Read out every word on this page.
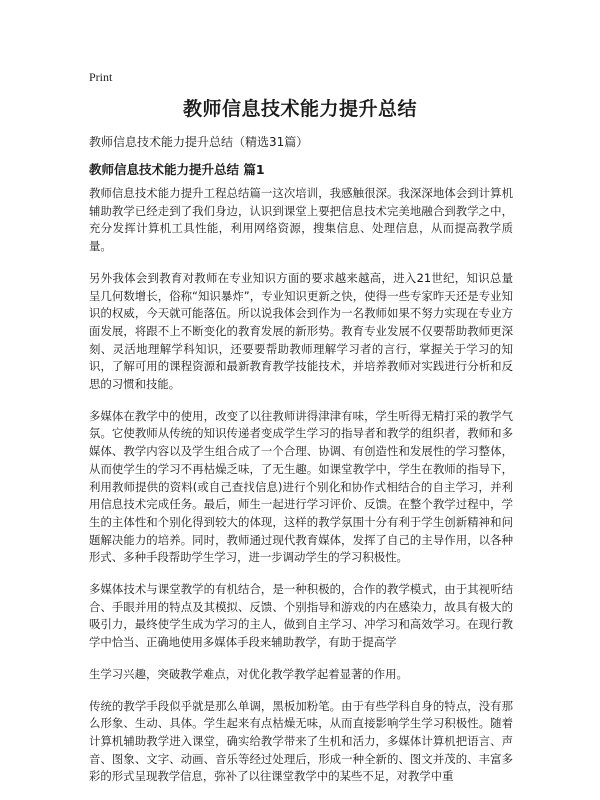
Print
教师信息技术能力提升总结

教师信息技术能力提升总结（精选31篇）

教师信息技术能力提升总结 篇1

教师信息技术能力提升工程总结篇一这次培训，我感触很深。我深深地体会到计算机辅助教学已经走到了我们身边，认识到课堂上要把信息技术完美地融合到教学之中，充分发挥计算机工具性能，利用网络资源，搜集信息、处理信息，从而提高教学质量。

另外我体会到教育对教师在专业知识方面的要求越来越高，进入21世纪，知识总量呈几何数增长，俗称“知识暴炸”，专业知识更新之快，使得一些专家昨天还是专业知识的权威，今天就可能落伍。所以说我体会到作为一名教师如果不努力实现在专业方面发展，将跟不上不断变化的教育发展的新形势。教育专业发展不仅要帮助教师更深刻、灵活地理解学科知识，还要要帮助教师理解学习者的言行，掌握关于学习的知识，了解可用的课程资源和最新教育教学技能技术，并培养教师对实践进行分析和反思的习惯和技能。

多媒体在教学中的使用，改变了以往教师讲得津津有味，学生听得无精打采的教学气氛。它使教师从传统的知识传递者变成学生学习的指导者和教学的组织者，教师和多媒体、教学内容以及学生组合成了一个合理、协调、有创造性和发展性的学习整体，从而使学生的学习不再枯燥乏味，了无生趣。如课堂教学中，学生在教师的指导下，利用教师提供的资料(或自己查找信息)进行个别化和协作式相结合的自主学习，并利用信息技术完成任务。最后，师生一起进行学习评价、反馈。在整个教学过程中，学生的主体性和个别化得到较大的体现，这样的教学氛围十分有利于学生创新精神和问题解决能力的培养。同时，教师通过现代教育媒体，发挥了自己的主导作用，以各种形式、多种手段帮助学生学习，进一步调动学生的学习积极性。

多媒体技术与课堂教学的有机结合，是一种积极的，合作的教学模式，由于其视听结合、手眼并用的特点及其模拟、反馈、个别指导和游戏的内在感染力，故具有极大的吸引力，最终使学生成为学习的主人，做到自主学习、冲学习和高效学习。在现行教学中恰当、正确地使用多媒体手段来辅助教学，有助于提高学

生学习兴趣，突破教学难点，对优化教学教学起着显著的作用。

传统的教学手段似乎就是那么单调，黑板加粉笔。由于有些学科自身的特点，没有那么形象、生动、具体。学生起来有点枯燥无味，从而直接影响学生学习积极性。随着计算机辅助教学进入课堂，确实给教学带来了生机和活力，多媒体计算机把语言、声音、图象、文字、动画、音乐等经过处理后，形成一种全新的、图文并茂的、丰富多彩的形式呈现教学信息，弥补了以往课堂教学中的某些不足，对教学中重
